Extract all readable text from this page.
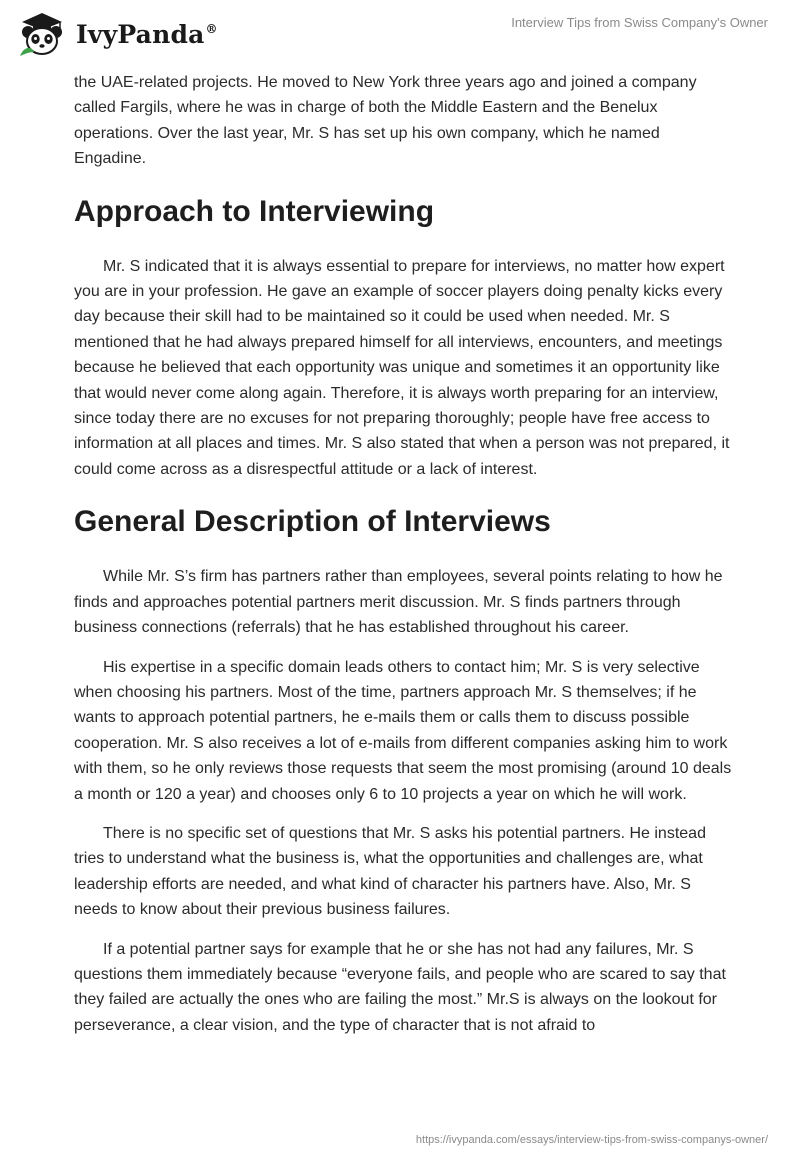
IvyPanda®	Interview Tips from Swiss Company's Owner

the UAE-related projects. He moved to New York three years ago and joined a company called Fargils, where he was in charge of both the Middle Eastern and the Benelux operations. Over the last year, Mr. S has set up his own company, which he named Engadine.

Approach to Interviewing

Mr. S indicated that it is always essential to prepare for interviews, no matter how expert you are in your profession. He gave an example of soccer players doing penalty kicks every day because their skill had to be maintained so it could be used when needed. Mr. S mentioned that he had always prepared himself for all interviews, encounters, and meetings because he believed that each opportunity was unique and sometimes it an opportunity like that would never come along again. Therefore, it is always worth preparing for an interview, since today there are no excuses for not preparing thoroughly; people have free access to information at all places and times. Mr. S also stated that when a person was not prepared, it could come across as a disrespectful attitude or a lack of interest.

General Description of Interviews

While Mr. S’s firm has partners rather than employees, several points relating to how he finds and approaches potential partners merit discussion. Mr. S finds partners through business connections (referrals) that he has established throughout his career.

His expertise in a specific domain leads others to contact him; Mr. S is very selective when choosing his partners. Most of the time, partners approach Mr. S themselves; if he wants to approach potential partners, he e-mails them or calls them to discuss possible cooperation. Mr. S also receives a lot of e-mails from different companies asking him to work with them, so he only reviews those requests that seem the most promising (around 10 deals a month or 120 a year) and chooses only 6 to 10 projects a year on which he will work.

There is no specific set of questions that Mr. S asks his potential partners. He instead tries to understand what the business is, what the opportunities and challenges are, what leadership efforts are needed, and what kind of character his partners have. Also, Mr. S needs to know about their previous business failures.

If a potential partner says for example that he or she has not had any failures, Mr. S questions them immediately because “everyone fails, and people who are scared to say that they failed are actually the ones who are failing the most.” Mr.S is always on the lookout for perseverance, a clear vision, and the type of character that is not afraid to

https://ivypanda.com/essays/interview-tips-from-swiss-companys-owner/
